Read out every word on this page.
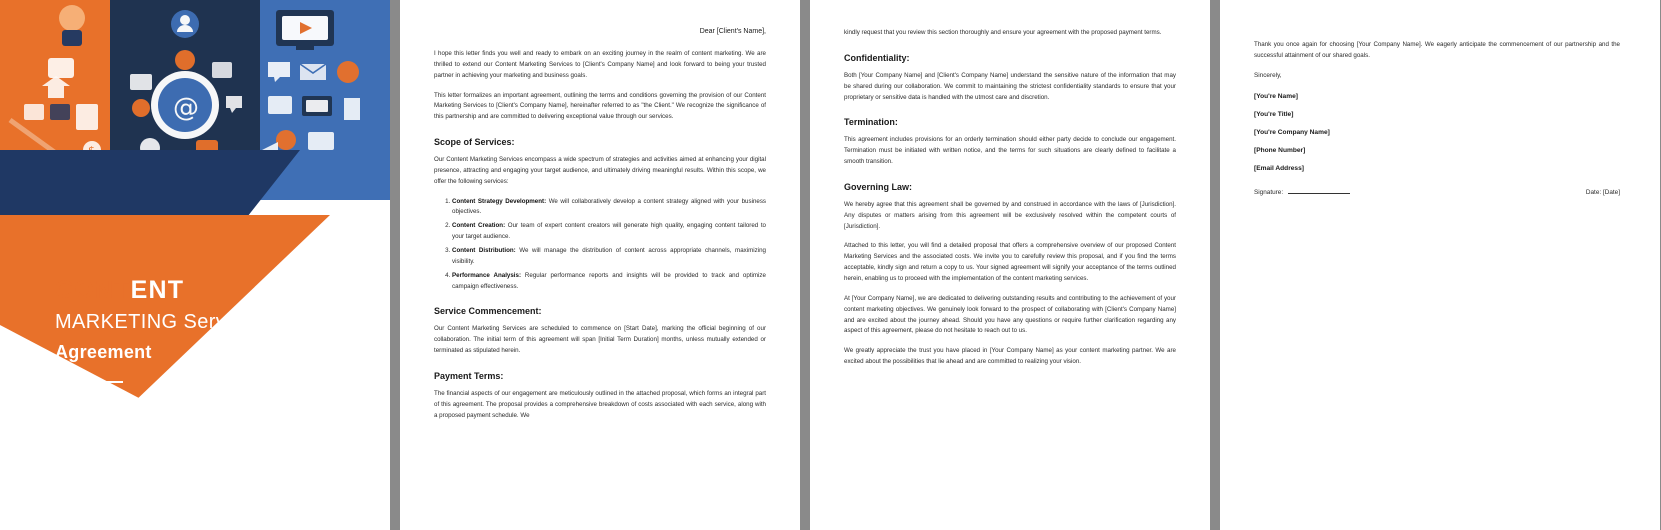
$
@
CONTENT
MARKETING Service
Agreement

Dear [Client's Name],

I hope this letter finds you well and ready to embark on an exciting journey in the realm of content marketing. We are thrilled to extend our Content Marketing Services to [Client's Company Name] and look forward to being your trusted partner in achieving your marketing and business goals.

This letter formalizes an important agreement, outlining the terms and conditions governing the provision of our Content Marketing Services to [Client's Company Name], hereinafter referred to as "the Client." We recognize the significance of this partnership and are committed to delivering exceptional value through our services.

Scope of Services:

Our Content Marketing Services encompass a wide spectrum of strategies and activities aimed at enhancing your digital presence, attracting and engaging your target audience, and ultimately driving meaningful results. Within this scope, we offer the following services:

1. Content Strategy Development: We will collaboratively develop a content strategy aligned with your business objectives.
2. Content Creation: Our team of expert content creators will generate high quality, engaging content tailored to your target audience.
3. Content Distribution: We will manage the distribution of content across appropriate channels, maximizing visibility.
4. Performance Analysis: Regular performance reports and insights will be provided to track and optimize campaign effectiveness.
Service Commencement:

Our Content Marketing Services are scheduled to commence on [Start Date], marking the official beginning of our collaboration. The initial term of this agreement will span [Initial Term Duration] months, unless mutually extended or terminated as stipulated herein.

Payment Terms:

The financial aspects of our engagement are meticulously outlined in the attached proposal, which forms an integral part of this agreement. The proposal provides a comprehensive breakdown of costs associated with each service, along with a proposed payment schedule. We

kindly request that you review this section thoroughly and ensure your agreement with the proposed payment terms.

Confidentiality:

Both [Your Company Name] and [Client's Company Name] understand the sensitive nature of the information that may be shared during our collaboration. We commit to maintaining the strictest confidentiality standards to ensure that your proprietary or sensitive data is handled with the utmost care and discretion.

Termination:

This agreement includes provisions for an orderly termination should either party decide to conclude our engagement. Termination must be initiated with written notice, and the terms for such situations are clearly defined to facilitate a smooth transition.

Governing Law:

We hereby agree that this agreement shall be governed by and construed in accordance with the laws of [Jurisdiction]. Any disputes or matters arising from this agreement will be exclusively resolved within the competent courts of [Jurisdiction].

Attached to this letter, you will find a detailed proposal that offers a comprehensive overview of our proposed Content Marketing Services and the associated costs. We invite you to carefully review this proposal, and if you find the terms acceptable, kindly sign and return a copy to us. Your signed agreement will signify your acceptance of the terms outlined herein, enabling us to proceed with the implementation of the content marketing services.

At [Your Company Name], we are dedicated to delivering outstanding results and contributing to the achievement of your content marketing objectives. We genuinely look forward to the prospect of collaborating with [Client's Company Name] and are excited about the journey ahead. Should you have any questions or require further clarification regarding any aspect of this agreement, please do not hesitate to reach out to us.

We greatly appreciate the trust you have placed in [Your Company Name] as your content marketing partner. We are excited about the possibilities that lie ahead and are committed to realizing your vision.

Thank you once again for choosing [Your Company Name]. We eagerly anticipate the commencement of our partnership and the successful attainment of our shared goals.

Sincerely,

[You're Name]

[You're Title]

[You're Company Name]

[Phone Number]

[Email Address]

Signature:	Date: [Date]
